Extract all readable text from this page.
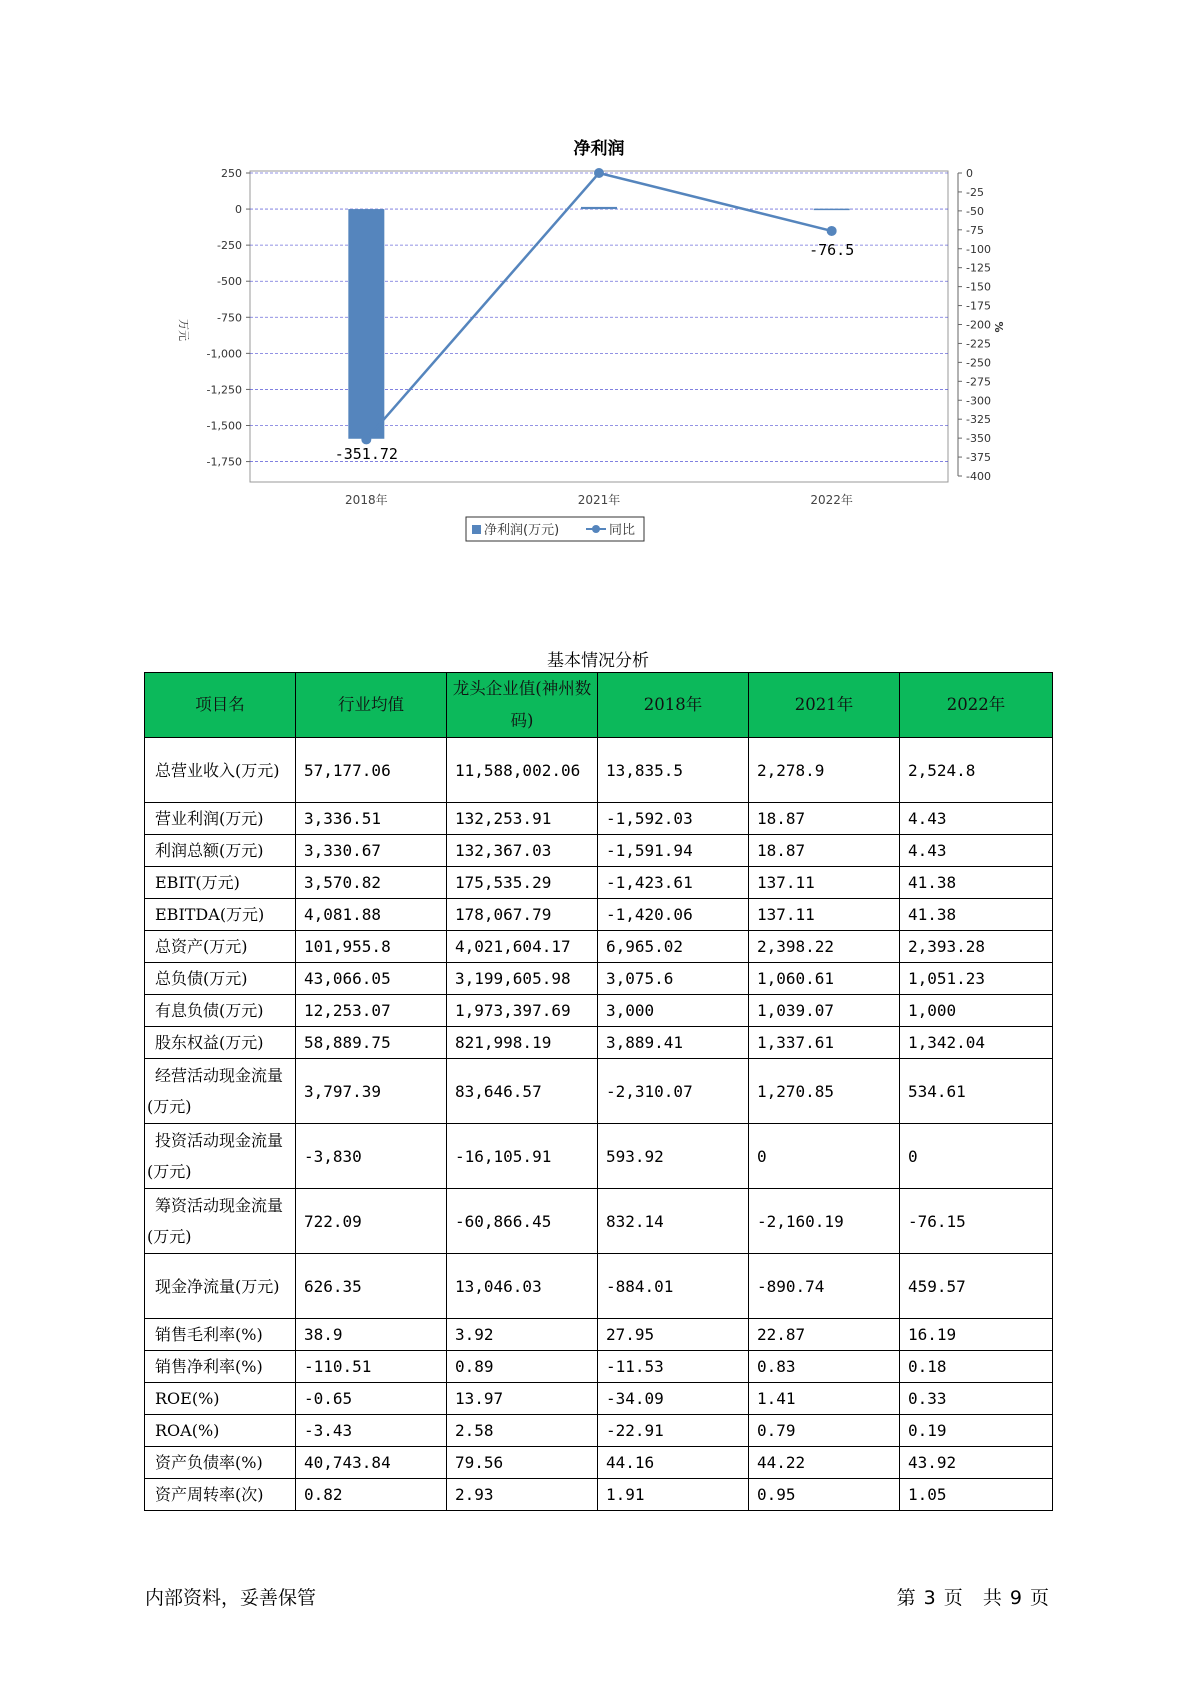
净利润
250
0
-250
-500
-750
-1,000
-1,250
-1,500
-1,750
0
-25
-50
-75
-100
-125
-150
-175
-200
-225
-250
-275
-300
-325
-350
-375
-400
万元	%
2018年	2021年	2022年
-351.72
-76.5
净利润(万元)	同比
基本情况分析
项目名	行业均值	龙头企业值(神州数码)	2018年	2021年	2022年
总营业收入(万元)	57,177.06	11,588,002.06	13,835.5	2,278.9	2,524.8
营业利润(万元)	3,336.51	132,253.91	-1,592.03	18.87	4.43
利润总额(万元)	3,330.67	132,367.03	-1,591.94	18.87	4.43
EBIT(万元)	3,570.82	175,535.29	-1,423.61	137.11	41.38
EBITDA(万元)	4,081.88	178,067.79	-1,420.06	137.11	41.38
总资产(万元)	101,955.8	4,021,604.17	6,965.02	2,398.22	2,393.28
总负债(万元)	43,066.05	3,199,605.98	3,075.6	1,060.61	1,051.23
有息负债(万元)	12,253.07	1,973,397.69	3,000	1,039.07	1,000
股东权益(万元)	58,889.75	821,998.19	3,889.41	1,337.61	1,342.04
经营活动现金流量(万元)	3,797.39	83,646.57	-2,310.07	1,270.85	534.61
投资活动现金流量(万元)	-3,830	-16,105.91	593.92	0	0
筹资活动现金流量(万元)	722.09	-60,866.45	832.14	-2,160.19	-76.15
现金净流量(万元)	626.35	13,046.03	-884.01	-890.74	459.57
销售毛利率(%)	38.9	3.92	27.95	22.87	16.19
销售净利率(%)	-110.51	0.89	-11.53	0.83	0.18
ROE(%)	-0.65	13.97	-34.09	1.41	0.33
ROA(%)	-3.43	2.58	-22.91	0.79	0.19
资产负债率(%)	40,743.84	79.56	44.16	44.22	43.92
资产周转率(次)	0.82	2.93	1.91	0.95	1.05
内部资料，妥善保管	第 3 页 共 9 页
